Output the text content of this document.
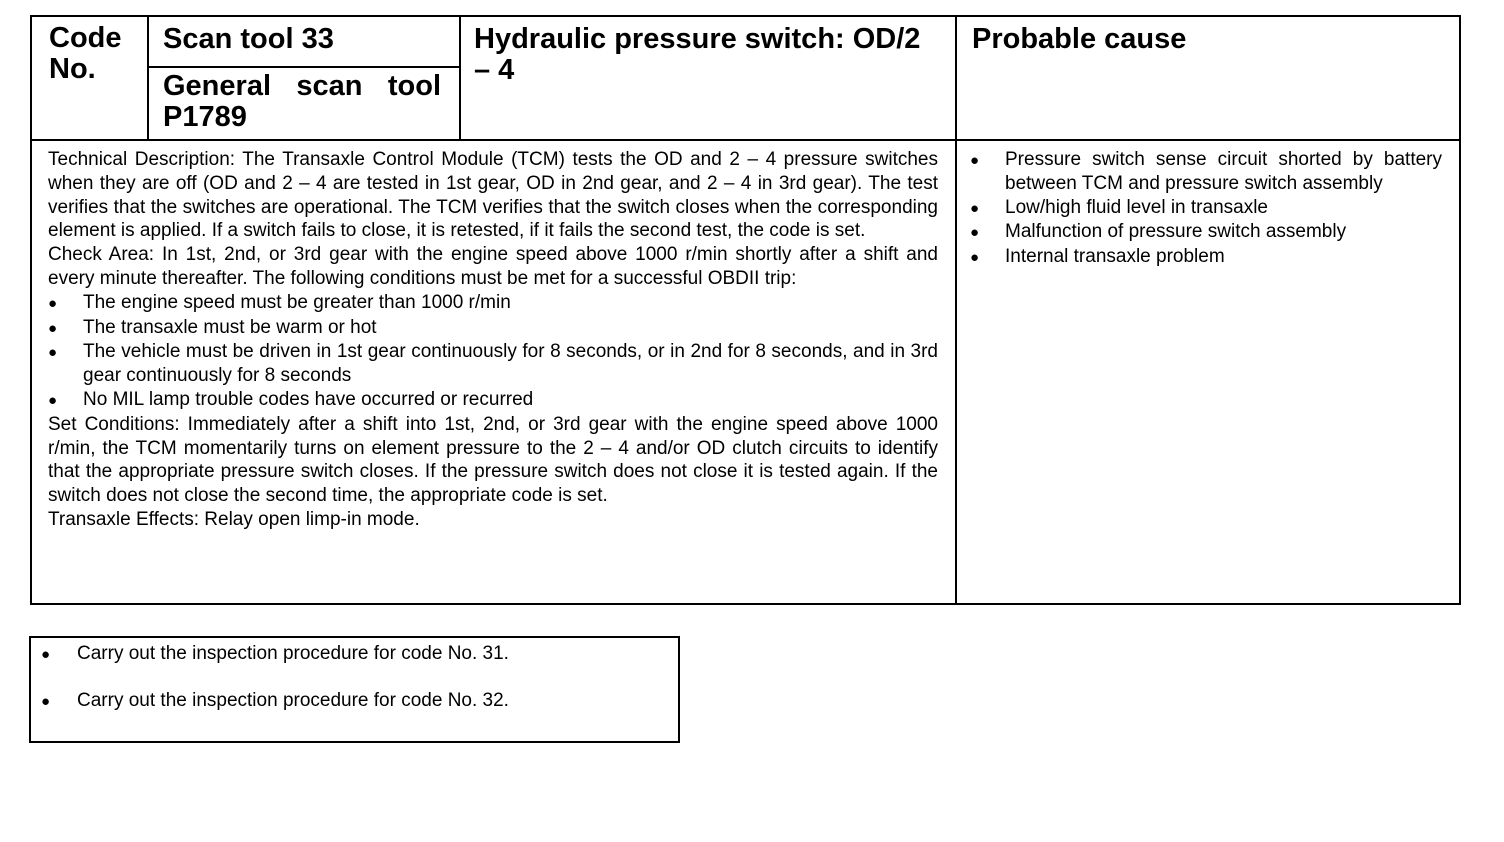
Code No.
Scan tool 33
General scan tool
P1789
Hydraulic pressure switch: OD/2 – 4
Probable cause
Technical Description: The Transaxle Control Module (TCM) tests the OD and 2 – 4 pressure switches when they are off (OD and 2 – 4 are tested in 1st gear, OD in 2nd gear, and 2 – 4 in 3rd gear). The test verifies that the switches are operational. The TCM verifies that the switch closes when the corresponding element is applied. If a switch fails to close, it is retested, if it fails the second test, the code is set.
Check Area: In 1st, 2nd, or 3rd gear with the engine speed above 1000 r/min shortly after a shift and every minute thereafter. The following conditions must be met for a successful OBDII trip:
●
The engine speed must be greater than 1000 r/min
●
The transaxle must be warm or hot
●
The vehicle must be driven in 1st gear continuously for 8 seconds, or in 2nd for 8 seconds, and in 3rd gear continuously for 8 seconds
●
No MIL lamp trouble codes have occurred or recurred
Set Conditions: Immediately after a shift into 1st, 2nd, or 3rd gear with the engine speed above 1000 r/min, the TCM momentarily turns on element pressure to the 2 – 4 and/or OD clutch circuits to identify that the appropriate pressure switch closes. If the pressure switch does not close it is tested again. If the switch does not close the second time, the appropriate code is set.
Transaxle Effects: Relay open limp-in mode.
●
Pressure switch sense circuit shorted by battery between TCM and pressure switch assembly
●
Low/high fluid level in transaxle
●
Malfunction of pressure switch assembly
●
Internal transaxle problem
●
Carry out the inspection procedure for code No. 31.
●
Carry out the inspection procedure for code No. 32.
